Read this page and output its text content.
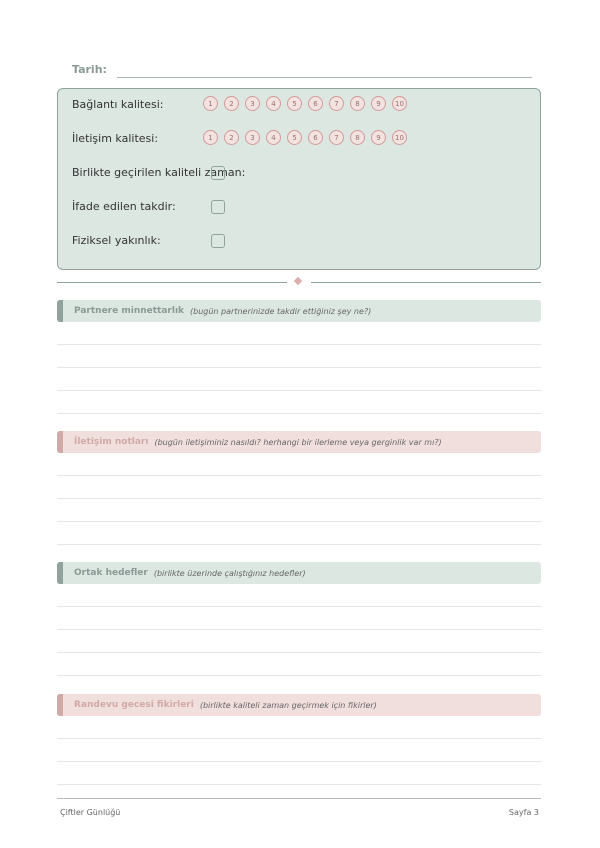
Tarih:
Bağlantı kalitesi:	1	2	3	4	5	6	7	8	9	10
İletişim kalitesi:	1	2	3	4	5	6	7	8	9	10
Birlikte geçirilen kaliteli zaman:
İfade edilen takdir:
Fiziksel yakınlık:
Partnere minnettarlık (bugün partnerinizde takdir ettiğiniz şey ne?)
İletişim notları (bugün iletişiminiz nasıldı? herhangi bir ilerleme veya gerginlik var mı?)
Ortak hedefler (birlikte üzerinde çalıştığınız hedefler)
Randevu gecesi fikirleri (birlikte kaliteli zaman geçirmek için fikirler)
Çiftler Günlüğü	Sayfa 3
